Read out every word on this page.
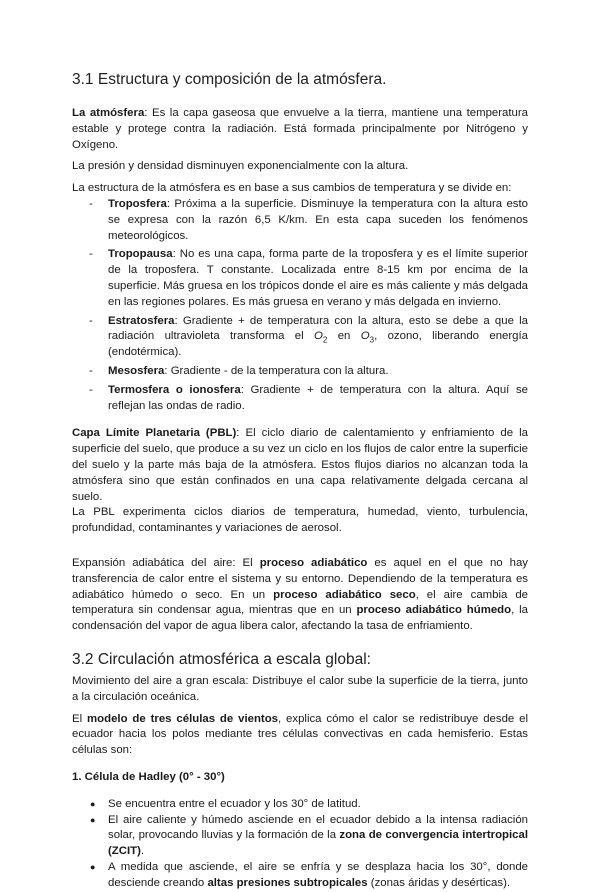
3.1 Estructura y composición de la atmósfera.

La atmósfera: Es la capa gaseosa que envuelve a la tierra, mantiene una temperatura estable y protege contra la radiación. Está formada principalmente por Nitrógeno y Oxígeno.

La presión y densidad disminuyen exponencialmente con la altura.

La estructura de la atmósfera es en base a sus cambios de temperatura y se divide en:

- Troposfera: Próxima a la superficie. Disminuye la temperatura con la altura esto se expresa con la razón 6,5 K/km. En esta capa suceden los fenómenos meteorológicos.
- Tropopausa: No es una capa, forma parte de la troposfera y es el límite superior de la troposfera. T constante. Localizada entre 8-15 km por encima de la superficie. Más gruesa en los trópicos donde el aire es más caliente y más delgada en las regiones polares. Es más gruesa en verano y más delgada en invierno.
- Estratosfera: Gradiente + de temperatura con la altura, esto se debe a que la radiación ultravioleta transforma el $O_2$ en $O_3$, ozono, liberando energía (endotérmica).
- Mesosfera: Gradiente - de la temperatura con la altura.
- Termosfera o ionosfera: Gradiente + de temperatura con la altura. Aquí se reflejan las ondas de radio.

Capa Límite Planetaria (PBL): El ciclo diario de calentamiento y enfriamiento de la superficie del suelo, que produce a su vez un ciclo en los flujos de calor entre la superficie del suelo y la parte más baja de la atmósfera. Estos flujos diarios no alcanzan toda la atmósfera sino que están confinados en una capa relativamente delgada cercana al suelo.

La PBL experimenta ciclos diarios de temperatura, humedad, viento, turbulencia, profundidad, contaminantes y variaciones de aerosol.

Expansión adiabática del aire: El proceso adiabático es aquel en el que no hay transferencia de calor entre el sistema y su entorno. Dependiendo de la temperatura es adiabático húmedo o seco. En un proceso adiabático seco, el aire cambia de temperatura sin condensar agua, mientras que en un proceso adiabático húmedo, la condensación del vapor de agua libera calor, afectando la tasa de enfriamiento.

3.2 Circulación atmosférica a escala global:

Movimiento del aire a gran escala: Distribuye el calor sube la superficie de la tierra, junto a la circulación oceánica.

El modelo de tres células de vientos, explica cómo el calor se redistribuye desde el ecuador hacia los polos mediante tres células convectivas en cada hemisferio. Estas células son:

1. Célula de Hadley (0° - 30°)
● Se encuentra entre el ecuador y los 30° de latitud.
● El aire caliente y húmedo asciende en el ecuador debido a la intensa radiación solar, provocando lluvias y la formación de la zona de convergencia intertropical (ZCIT).
● A medida que asciende, el aire se enfría y se desplaza hacia los 30°, donde desciende creando altas presiones subtropicales (zonas áridas y desérticas).
